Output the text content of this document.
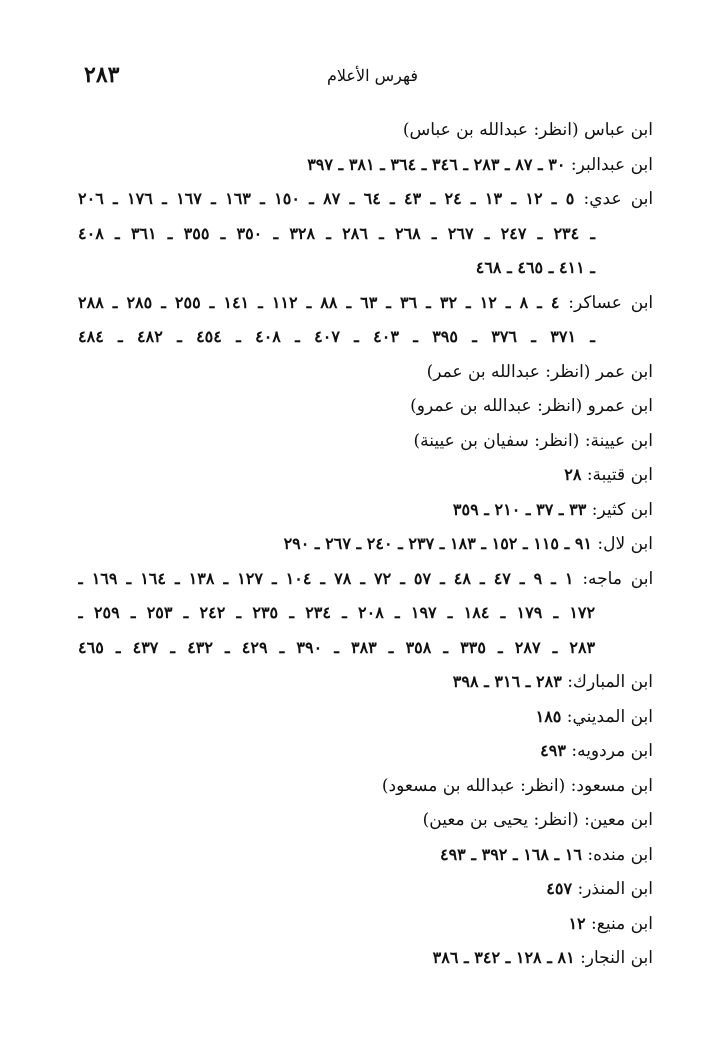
فهرس الأعلام
٢٨٣
ابن عباس (انظر: عبدالله بن عباس)
ابن عبدالبر: ٣٠ ـ ٨٧ ـ ٢٨٣ ـ ٣٤٦ ـ ٣٦٤ ـ ٣٨١ ـ ٣٩٧
ابن عدي: ٥ ـ ١٢ ـ ١٣ ـ ٢٤ ـ ٤٣ ـ ٦٤ ـ ٨٧ ـ ١٥٠ ـ ١٦٣ ـ ١٦٧ ـ ١٧٦ ـ ٢٠٦
ـ ٢٣٤ ـ ٢٤٧ ـ ٢٦٧ ـ ٢٦٨ ـ ٢٨٦ ـ ٣٢٨ ـ ٣٥٠ ـ ٣٥٥ ـ ٣٦١ ـ ٤٠٨
ـ ٤١١ ـ ٤٦٥ ـ ٤٦٨
ابن عساكر: ٤ ـ ٨ ـ ١٢ ـ ٣٢ ـ ٣٦ ـ ٦٣ ـ ٨٨ ـ ١١٢ ـ ١٤١ ـ ٢٥٥ ـ ٢٨٥ ـ ٢٨٨
ـ ٣٧١ ـ ٣٧٦ ـ ٣٩٥ ـ ٤٠٣ ـ ٤٠٧ ـ ٤٠٨ ـ ٤٥٤ ـ ٤٨٢ ـ ٤٨٤
ابن عمر (انظر: عبدالله بن عمر)
ابن عمرو (انظر: عبدالله بن عمرو)
ابن عيينة: (انظر: سفيان بن عيينة)
ابن قتيبة: ٢٨
ابن كثير: ٣٣ ـ ٣٧ ـ ٢١٠ ـ ٣٥٩
ابن لال: ٩١ ـ ١١٥ ـ ١٥٢ ـ ١٨٣ ـ ٢٣٧ ـ ٢٤٠ ـ ٢٦٧ ـ ٢٩٠
ابن ماجه: ١ ـ ٩ ـ ٤٧ ـ ٤٨ ـ ٥٧ ـ ٧٢ ـ ٧٨ ـ ١٠٤ ـ ١٢٧ ـ ١٣٨ ـ ١٦٤ ـ ١٦٩ ـ
١٧٢ ـ ١٧٩ ـ ١٨٤ ـ ١٩٧ ـ ٢٠٨ ـ ٢٣٤ ـ ٢٣٥ ـ ٢٤٢ ـ ٢٥٣ ـ ٢٥٩ ـ
٢٨٣ ـ ٢٨٧ ـ ٣٣٥ ـ ٣٥٨ ـ ٣٨٣ ـ ٣٩٠ ـ ٤٢٩ ـ ٤٣٢ ـ ٤٣٧ ـ ٤٦٥
ابن المبارك: ٢٨٣ ـ ٣١٦ ـ ٣٩٨
ابن المديني: ١٨٥
ابن مردويه: ٤٩٣
ابن مسعود: (انظر: عبدالله بن مسعود)
ابن معين: (انظر: يحيى بن معين)
ابن منده: ١٦ ـ ١٦٨ ـ ٣٩٢ ـ ٤٩٣
ابن المنذر: ٤٥٧
ابن منيع: ١٢
ابن النجار: ٨١ ـ ١٢٨ ـ ٣٤٢ ـ ٣٨٦
